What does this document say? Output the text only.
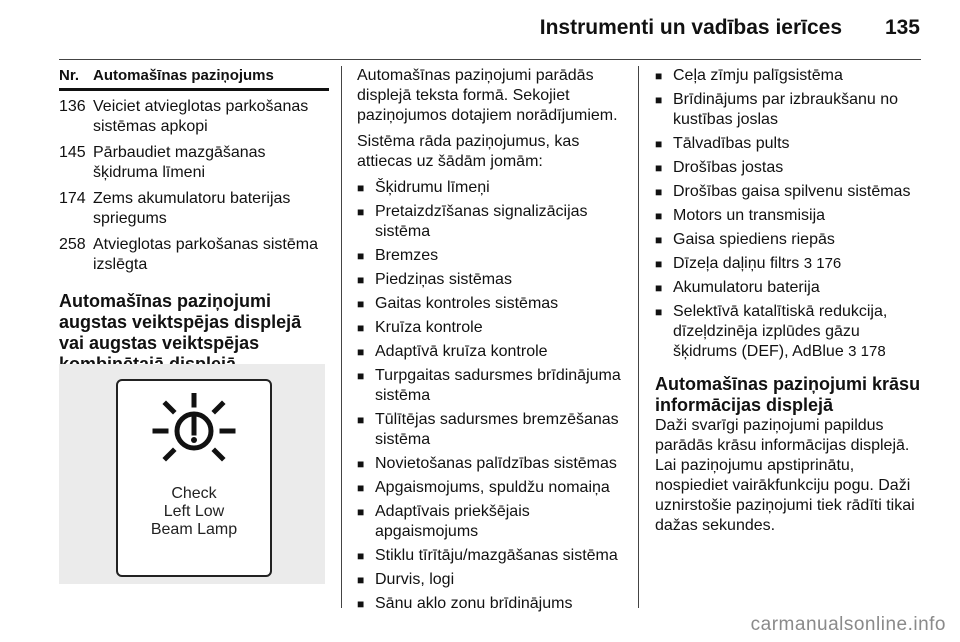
Instrumenti un vadības ierīces 135
Nr. Automašīnas paziņojums
136 Veiciet atvieglotas parkošanas sistēmas apkopi
145 Pārbaudiet mazgāšanas šķidruma līmeni
174 Zems akumulatoru baterijas spriegums
258 Atvieglotas parkošanas sistēma izslēgta
Automašīnas paziņojumi augstas veiktspējas displejā vai augstas veiktspējas
Check
Left Low
Beam Lamp
Automašīnas paziņojumi parādās displejā teksta formā. Sekojiet paziņojumos dotajiem norādījumiem.
Sistēma rāda paziņojumus, kas attiecas uz šādām jomām:
■ Šķidrumu līmeņi
■ Pretaizdzīšanas signalizācijas sistēma
■ Bremzes
■ Piedziņas sistēmas
■ Gaitas kontroles sistēmas
■ Kruīza kontrole
■ Adaptīvā kruīza kontrole
■ Turpgaitas sadursmes brīdinājuma sistēma
■ Tūlītējas sadursmes bremzēšanas sistēma
■ Novietošanas palīdzības sistēmas
■ Apgaismojums, spuldžu nomaiņa
■ Adaptīvais priekšējais apgaismojums
■ Stiklu tīrītāju/mazgāšanas sistēma
■ Durvis, logi
■ Sānu aklo zonu brīdinājums
■ Ceļa zīmju palīgsistēma
■ Brīdinājums par izbraukšanu no kustības joslas
■ Tālvadības pults
■ Drošības jostas
■ Drošības gaisa spilvenu sistēmas
■ Motors un transmisija
■ Gaisa spiediens riepās
■ Dīzeļa daļiņu filtrs 3 176
■ Akumulatoru baterija
■ Selektīvā katalītiskā redukcija, dīzeļdzinēja izplūdes gāzu šķidrums (DEF), AdBlue 3 178
Automašīnas paziņojumi krāsu informācijas displejā
Daži svarīgi paziņojumi papildus parādās krāsu informācijas displejā. Lai paziņojumu apstiprinātu, nospiediet vairākfunkciju pogu. Daži uznirstošie paziņojumi tiek rādīti tikai dažas sekundes.
carmanualsonline.info
